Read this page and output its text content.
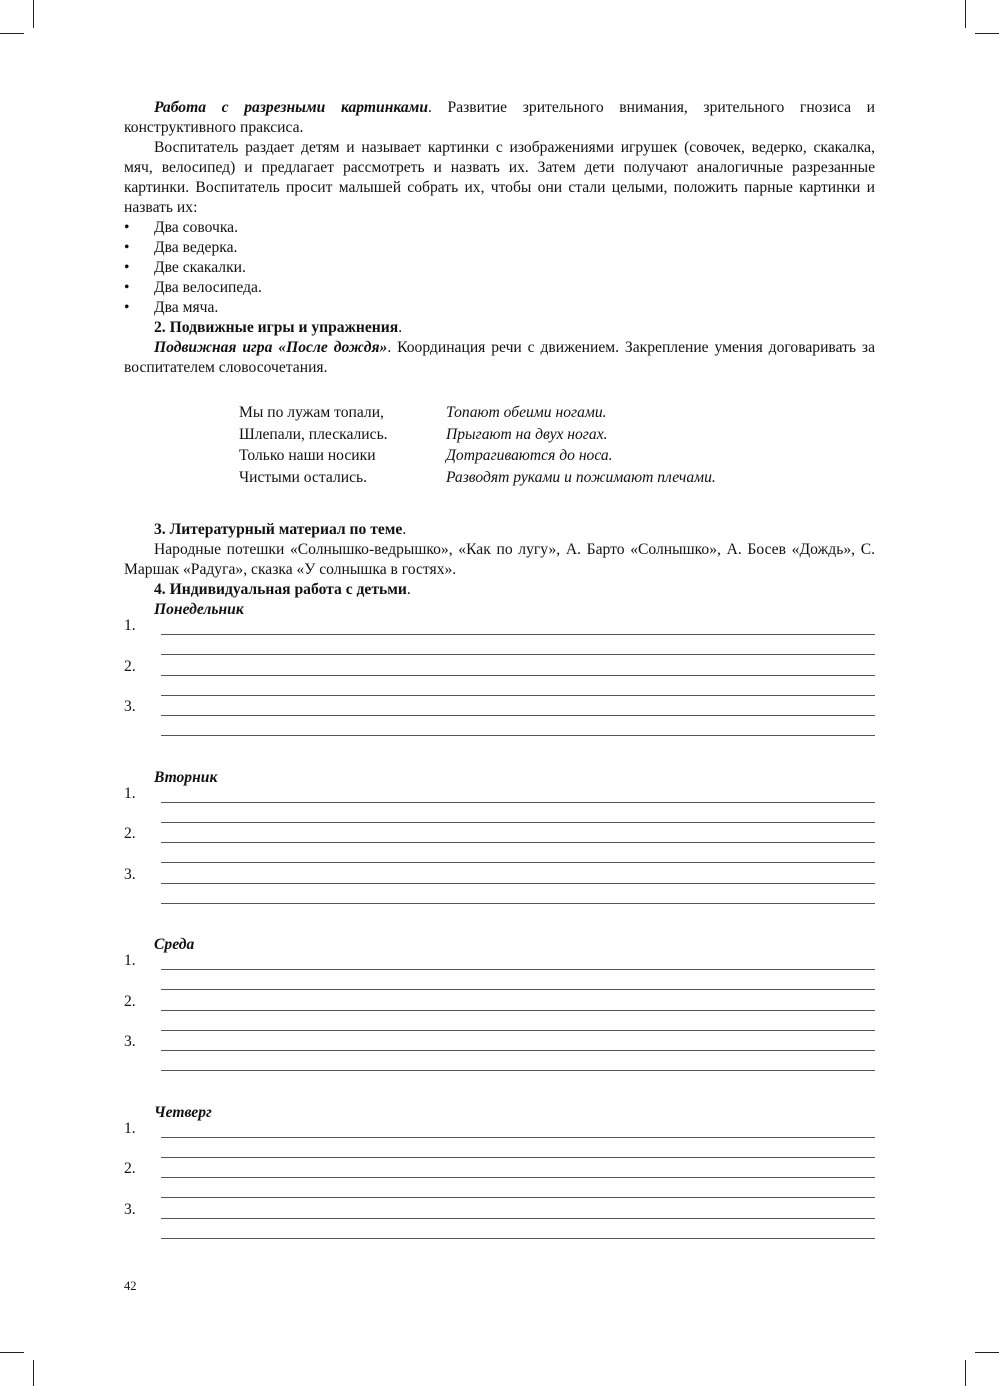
Работа с разрезными картинками. Развитие зрительного внимания, зрительного гнозиса и конструктивного праксиса.

Воспитатель раздает детям и называет картинки с изображениями игрушек (совочек, ведерко, скакалка, мяч, велосипед) и предлагает рассмотреть и назвать их. Затем дети получают аналогичные разрезанные картинки. Воспитатель просит малышей собрать их, чтобы они стали целыми, положить парные картинки и назвать их:

• Два совочка.
• Два ведерка.
• Две скакалки.
• Два велосипеда.
• Два мяча.

2. Подвижные игры и упражнения.

Подвижная игра «После дождя». Координация речи с движением. Закрепление умения договаривать за воспитателем словосочетания.

Мы по лужам топали,	Топают обеими ногами.
Шлепали, плескались.	Прыгают на двух ногах.
Только наши носики	Дотрагиваются до носа.
Чистыми остались.	Разводят руками и пожимают плечами.

3. Литературный материал по теме.

Народные потешки «Солнышко-ведрышко», «Как по лугу», А. Барто «Солнышко», А. Босев «Дождь», С. Маршак «Радуга», сказка «У солнышка в гостях».

4. Индивидуальная работа с детьми.

Понедельник
1.
2.
3.
Вторник
1.
2.
3.
Среда
1.
2.
3.
Четверг
1.
2.
3.
42
